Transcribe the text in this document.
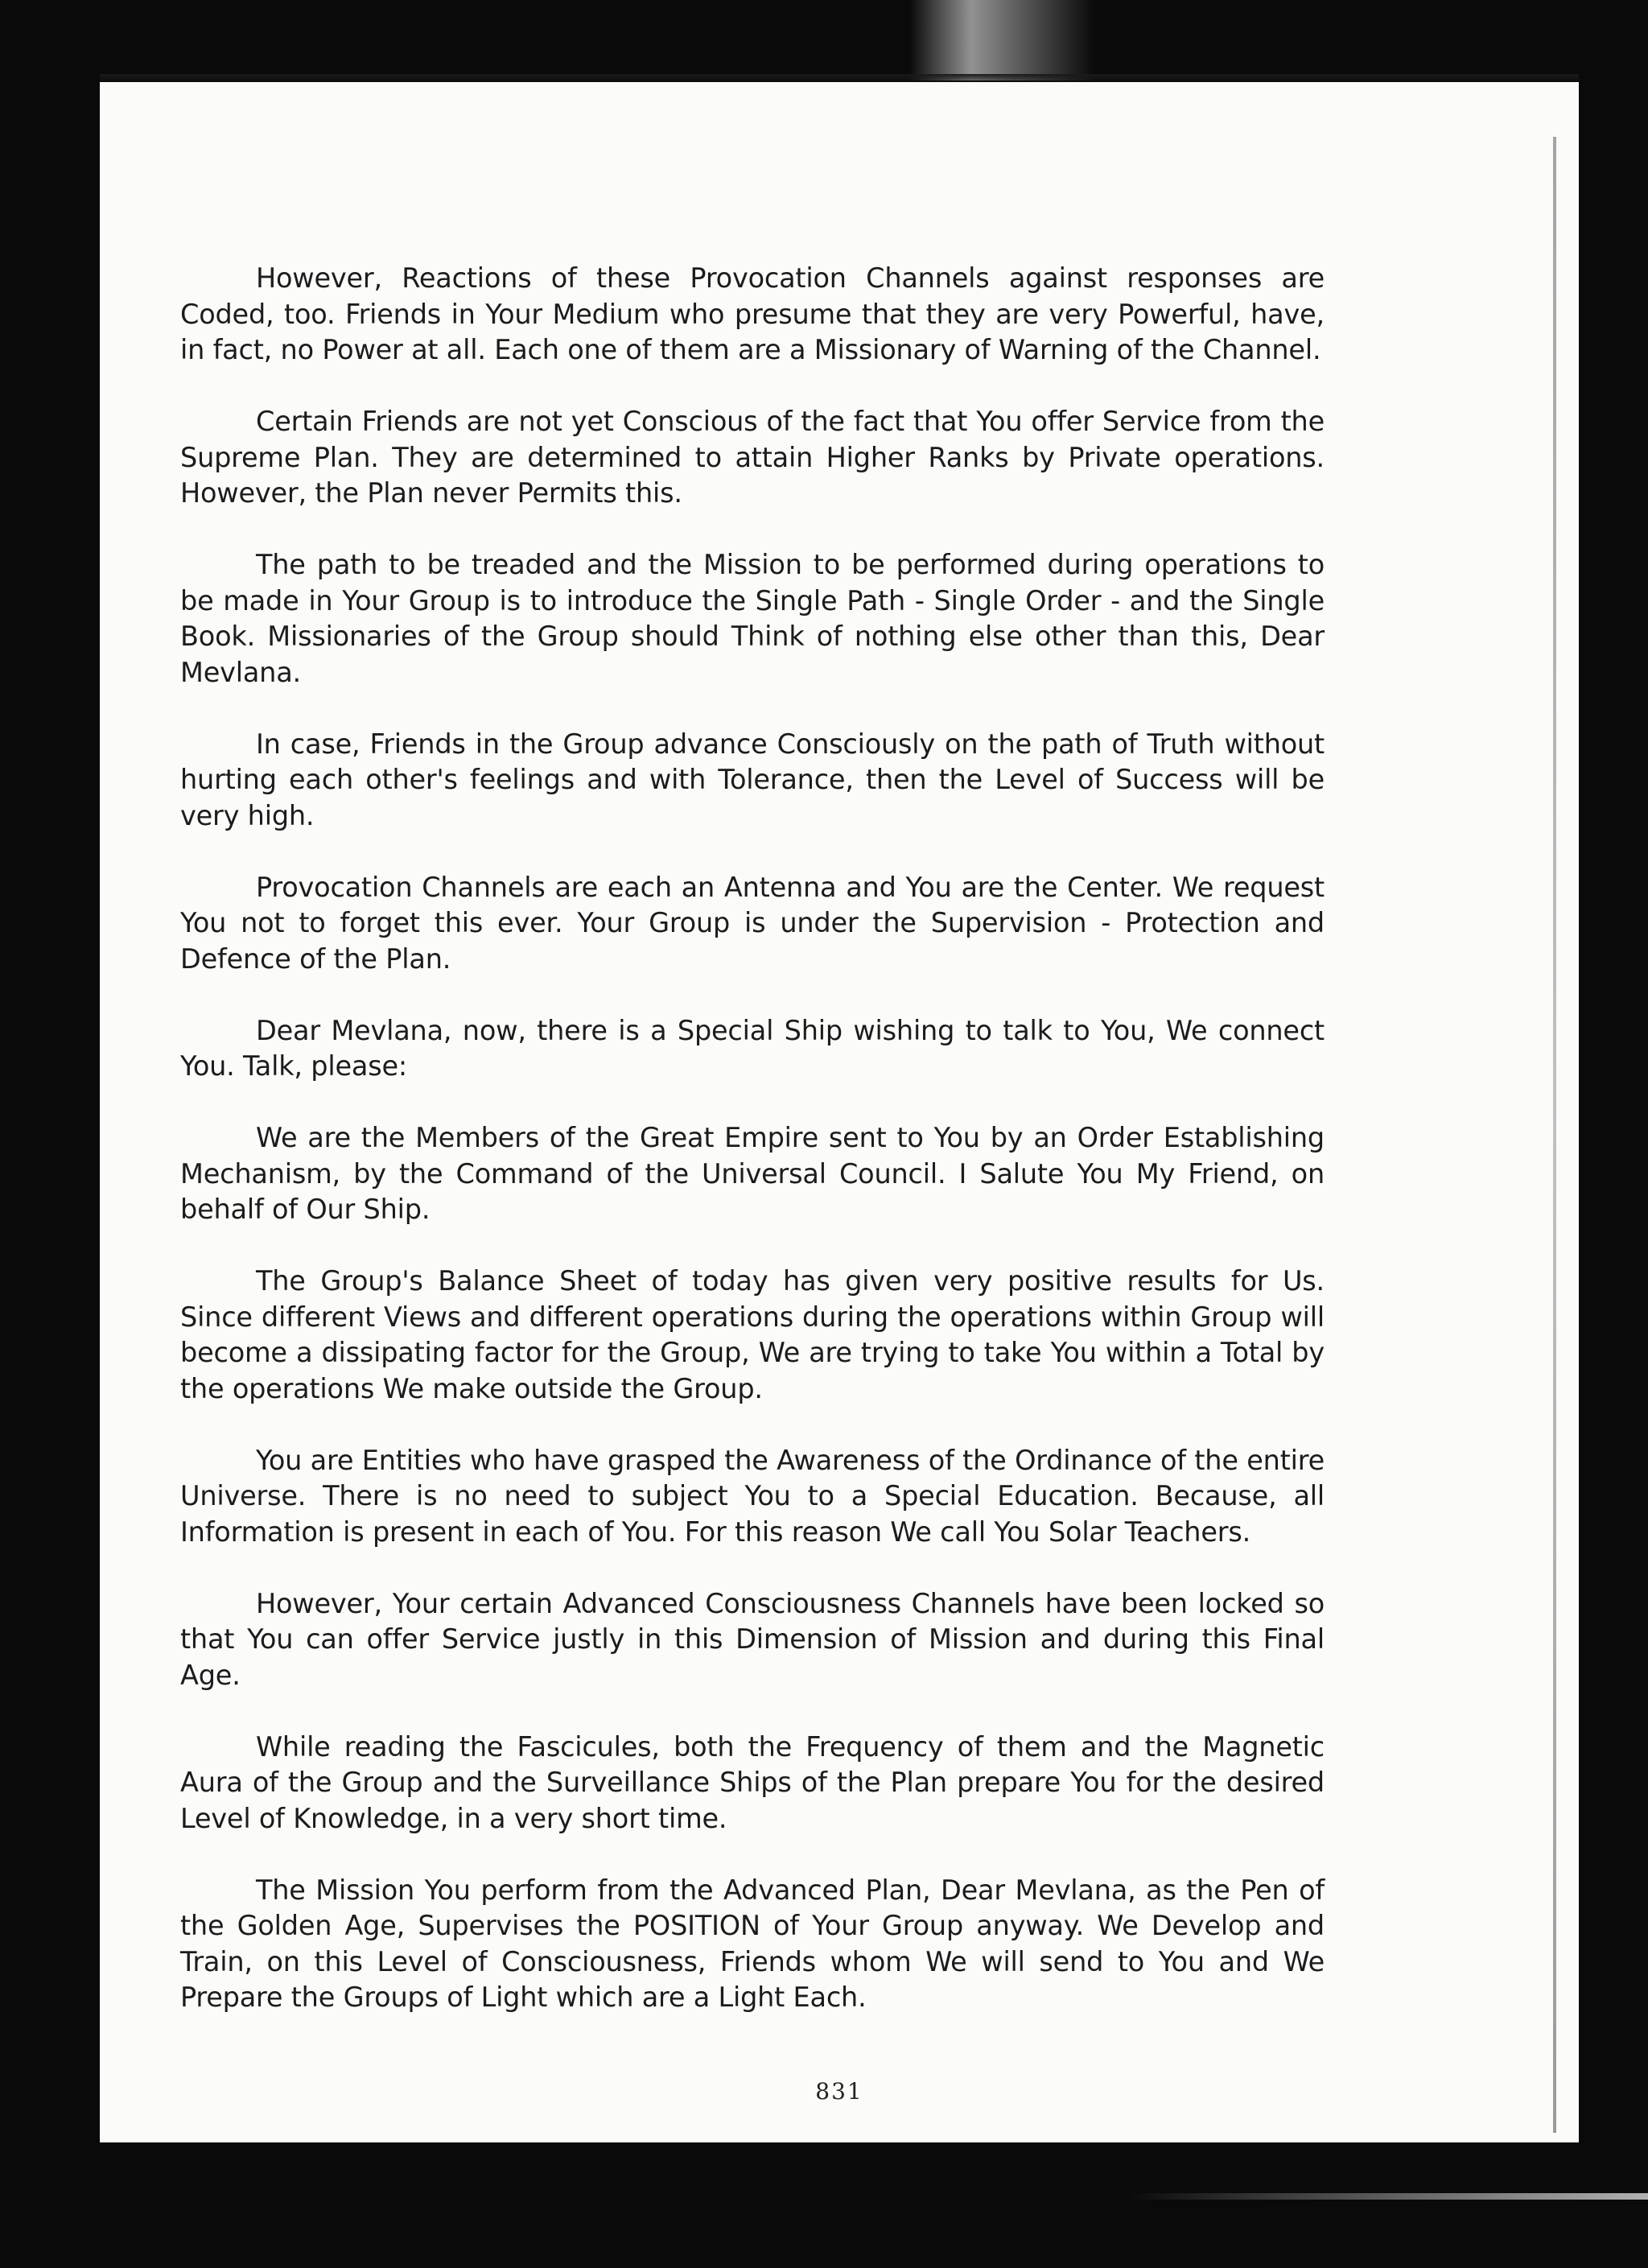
831

However, Reactions of these Provocation Channels against responses are Coded, too. Friends in Your Medium who presume that they are very Powerful, have, in fact, no Power at all. Each one of them are a Missionary of Warning of the Channel.

Certain Friends are not yet Conscious of the fact that You offer Service from the Supreme Plan. They are determined to attain Higher Ranks by Private operations. However, the Plan never Permits this.

The path to be treaded and the Mission to be performed during operations to be made in Your Group is to introduce the Single Path - Single Order - and the Single Book. Missionaries of the Group should Think of nothing else other than this, Dear Mevlana.

In case, Friends in the Group advance Consciously on the path of Truth without hurting each other's feelings and with Tolerance, then the Level of Success will be very high.

Provocation Channels are each an Antenna and You are the Center. We request You not to forget this ever. Your Group is under the Supervision - Protection and Defence of the Plan.

Dear Mevlana, now, there is a Special Ship wishing to talk to You, We connect You. Talk, please:

We are the Members of the Great Empire sent to You by an Order Establishing Mechanism, by the Command of the Universal Council. I Salute You My Friend, on behalf of Our Ship.

The Group's Balance Sheet of today has given very positive results for Us. Since different Views and different operations during the operations within Group will become a dissipating factor for the Group, We are trying to take You within a Total by the operations We make outside the Group.

You are Entities who have grasped the Awareness of the Ordinance of the entire Universe. There is no need to subject You to a Special Education. Because, all Information is present in each of You. For this reason We call You Solar Teachers.

However, Your certain Advanced Consciousness Channels have been locked so that You can offer Service justly in this Dimension of Mission and during this Final Age.

While reading the Fascicules, both the Frequency of them and the Magnetic Aura of the Group and the Surveillance Ships of the Plan prepare You for the desired Level of Knowledge, in a very short time.

The Mission You perform from the Advanced Plan, Dear Mevlana, as the Pen of the Golden Age, Supervises the POSITION of Your Group anyway. We Develop and Train, on this Level of Consciousness, Friends whom We will send to You and We Prepare the Groups of Light which are a Light Each.
